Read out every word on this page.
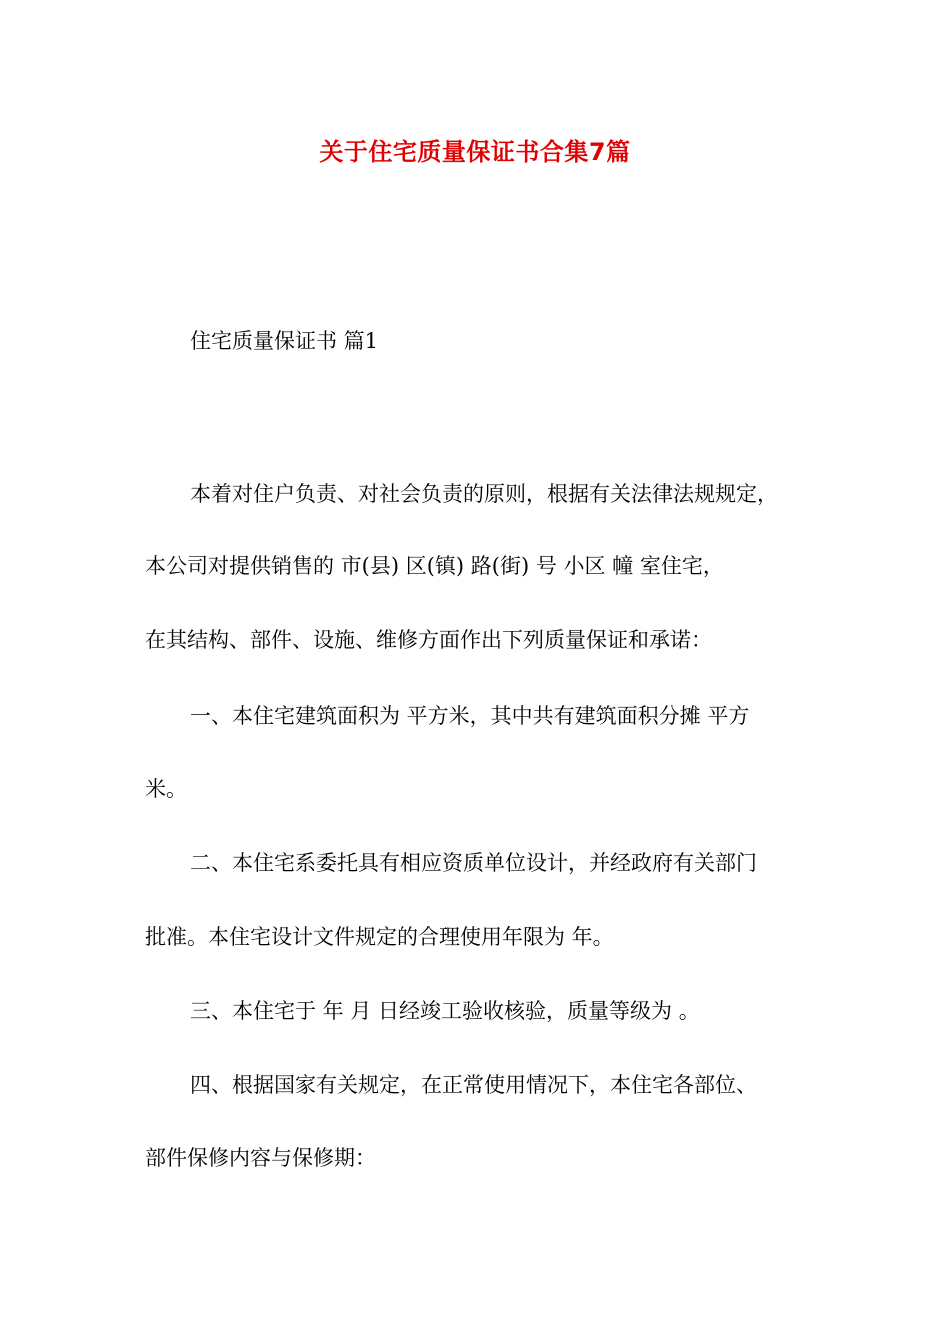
关于住宅质量保证书合集7篇
住宅质量保证书 篇1
本着对住户负责、对社会负责的原则，根据有关法律法规规定，
本公司对提供销售的 市(县) 区(镇) 路(街) 号 小区 幢 室住宅，
在其结构、部件、设施、维修方面作出下列质量保证和承诺：
一、本住宅建筑面积为 平方米，其中共有建筑面积分摊 平方
米。
二、本住宅系委托具有相应资质单位设计，并经政府有关部门
批准。本住宅设计文件规定的合理使用年限为 年。
三、本住宅于 年 月 日经竣工验收核验，质量等级为 。
四、根据国家有关规定，在正常使用情况下，本住宅各部位、
部件保修内容与保修期：
